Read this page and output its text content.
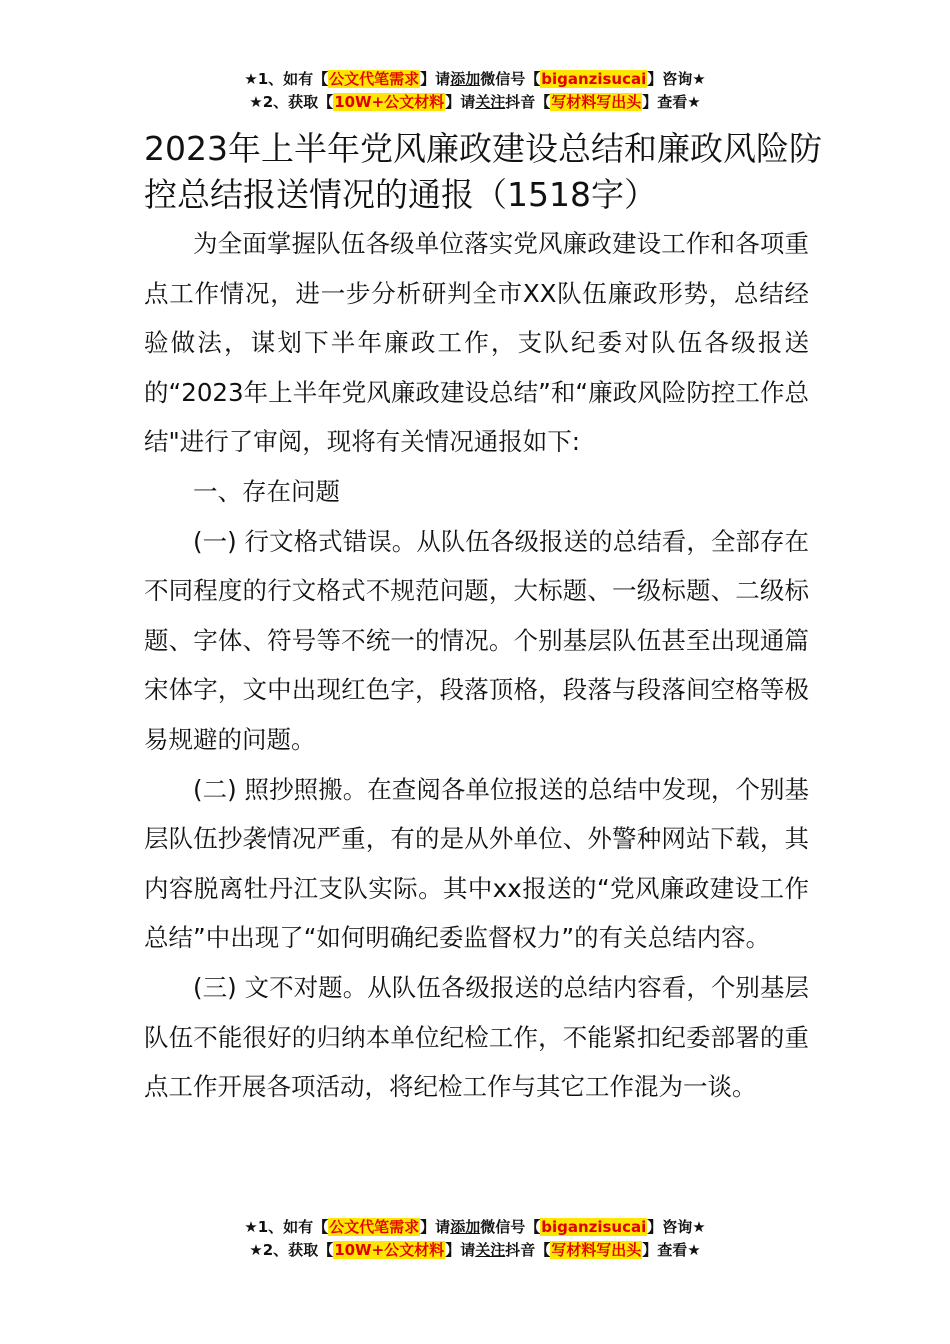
★1、如有【公文代笔需求】请添加微信号【biganzisucai】咨询★
★2、获取【10W+公文材料】请关注抖音【写材料写出头】查看★
2023年上半年党风廉政建设总结和廉政风险防控总结报送情况的通报（1518字）

为全面掌握队伍各级单位落实党风廉政建设工作和各项重点工作情况，进一步分析研判全市XX队伍廉政形势，总结经验做法，谋划下半年廉政工作，支队纪委对队伍各级报送的“2023年上半年党风廉政建设总结”和“廉政风险防控工作总结"进行了审阅，现将有关情况通报如下:

一、存在问题

(一) 行文格式错误。从队伍各级报送的总结看，全部存在不同程度的行文格式不规范问题，大标题、一级标题、二级标题、字体、符号等不统一的情况。个别基层队伍甚至出现通篇宋体字，文中出现红色字，段落顶格，段落与段落间空格等极易规避的问题。

(二) 照抄照搬。在查阅各单位报送的总结中发现，个别基层队伍抄袭情况严重，有的是从外单位、外警种网站下载，其内容脱离牡丹江支队实际。其中xx报送的“党风廉政建设工作总结”中出现了“如何明确纪委监督权力”的有关总结内容。

(三) 文不对题。从队伍各级报送的总结内容看，个别基层队伍不能很好的归纳本单位纪检工作，不能紧扣纪委部署的重点工作开展各项活动，将纪检工作与其它工作混为一谈。

★1、如有【公文代笔需求】请添加微信号【biganzisucai】咨询★
★2、获取【10W+公文材料】请关注抖音【写材料写出头】查看★
